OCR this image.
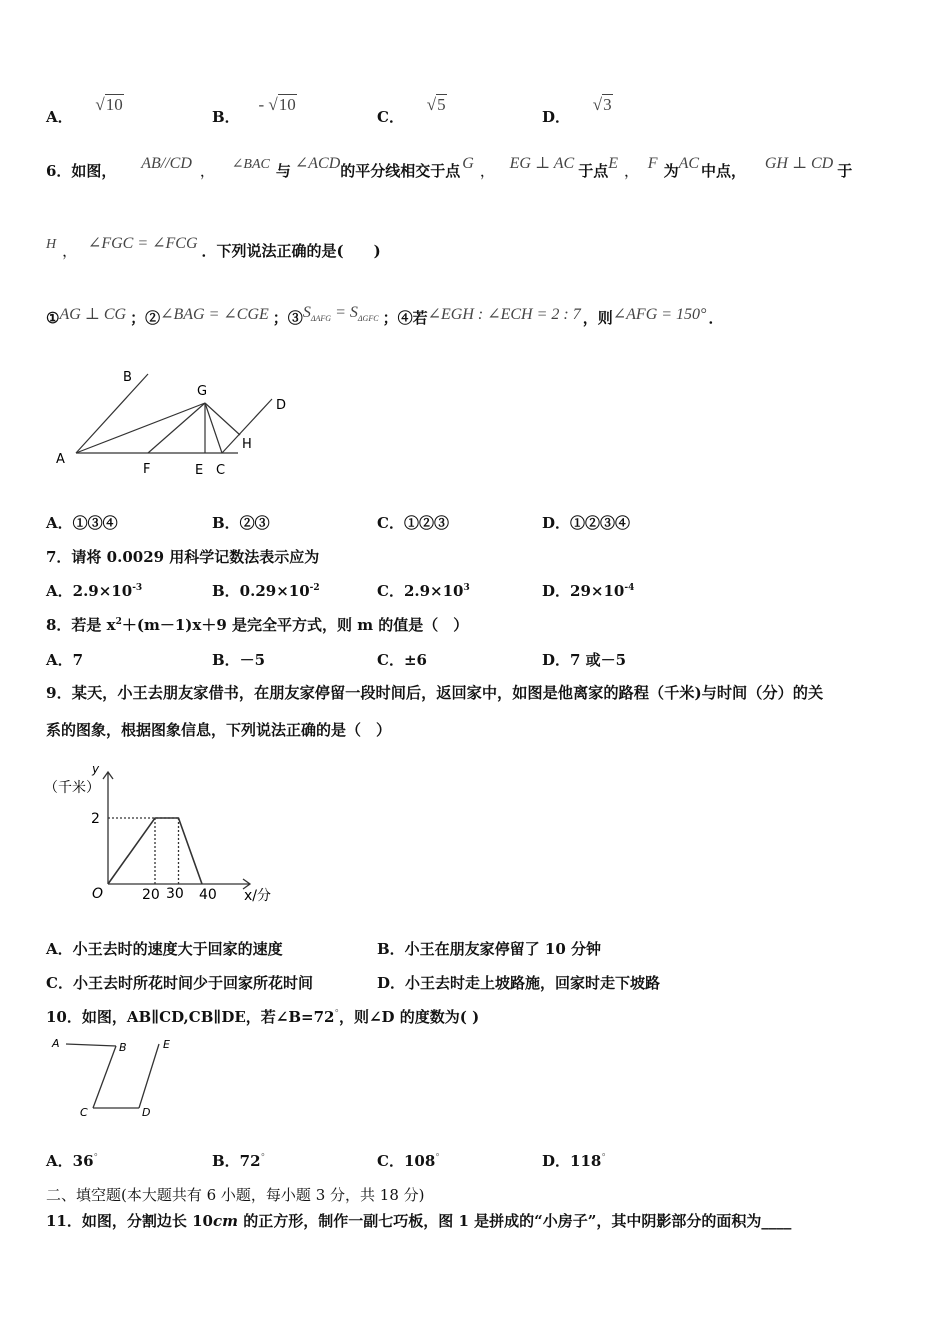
A． √10
B． - √10
C． √5
D． √3
6．如图， AB//CD ， ∠BAC 与 ∠ACD的平分线相交于点 G ， EG ⊥ AC 于点E ， F 为AC 中点， GH ⊥ CD 于
H ， ∠FGC = ∠FCG ．下列说法正确的是(　　)
①AG ⊥ CG ；②∠BAG = ∠CGE ；$③S_{\Delta AFG} = S_{\Delta GFC}$ ；④若∠EGH : ∠ECH = 2 : 7 ，则∠AFG = 150° ．
B
G
D
H
A
F	E C
A．①③④	B．②③	C．①②③	D．①②③④
7．请将 0.0029 用科学记数法表示应为
A．$2.9\times 10^{-3}$	B．$0.29\times 10^{-2}$	C．$2.9\times 10^3$	D．$29\times 10^{-4}$
8．若是 $x^2+(m-1)x+9$ 是完全平方式，则 m 的值是（　）
A．7	B．－5	C．±6	D．7 或－5
9．某天，小王去朋友家借书，在朋友家停留一段时间后，返回家中，如图是他离家的路程（千米)与时间（分）的关
系的图象，根据图象信息，下列说法正确的是（　）
y
（千米）
2
O	20 30 40 x/分
A．小王去时的速度大于回家的速度	B．小王在朋友家停留了 10 分钟
C．小王去时所花时间少于回家所花时间	D．小王去时走上坡路施，回家时走下坡路
10．如图，AB∥CD,CB∥DE，若∠B=72°，则∠D 的度数为( )
A	B	E
C	D
A．36°	B．72°	C．108°	D．118°
二、填空题(本大题共有 6 小题，每小题 3 分，共 18 分)
11．如图，分割边长 10cm 的正方形，制作一副七巧板，图 1 是拼成的“小房子”，其中阴影部分的面积为____
